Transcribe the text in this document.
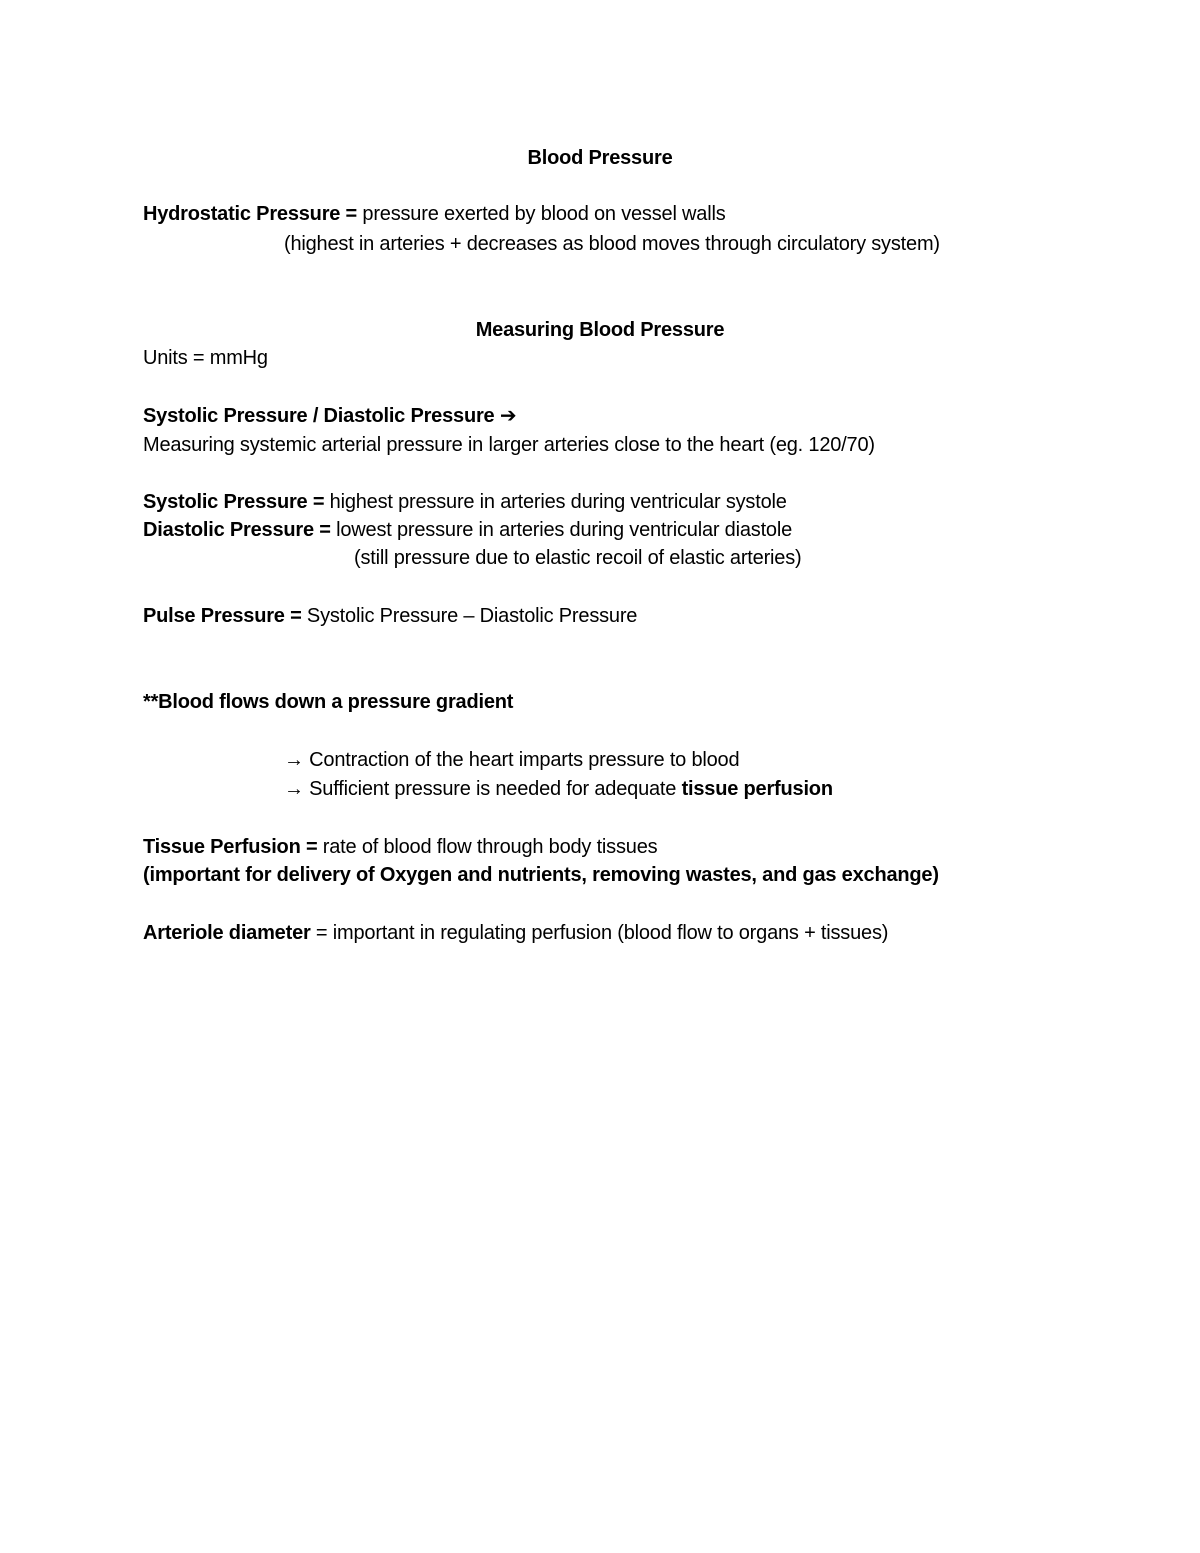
Blood Pressure
Hydrostatic Pressure = pressure exerted by blood on vessel walls
(highest in arteries + decreases as blood moves through circulatory system)
Measuring Blood Pressure
Units = mmHg
Systolic Pressure / Diastolic Pressure ➔
Measuring systemic arterial pressure in larger arteries close to the heart (eg. 120/70)
Systolic Pressure = highest pressure in arteries during ventricular systole
Diastolic Pressure = lowest pressure in arteries during ventricular diastole
(still pressure due to elastic recoil of elastic arteries)
Pulse Pressure = Systolic Pressure – Diastolic Pressure
**Blood flows down a pressure gradient
→ Contraction of the heart imparts pressure to blood
→ Sufficient pressure is needed for adequate tissue perfusion
Tissue Perfusion = rate of blood flow through body tissues
(important for delivery of Oxygen and nutrients, removing wastes, and gas exchange)
Arteriole diameter = important in regulating perfusion (blood flow to organs + tissues)
